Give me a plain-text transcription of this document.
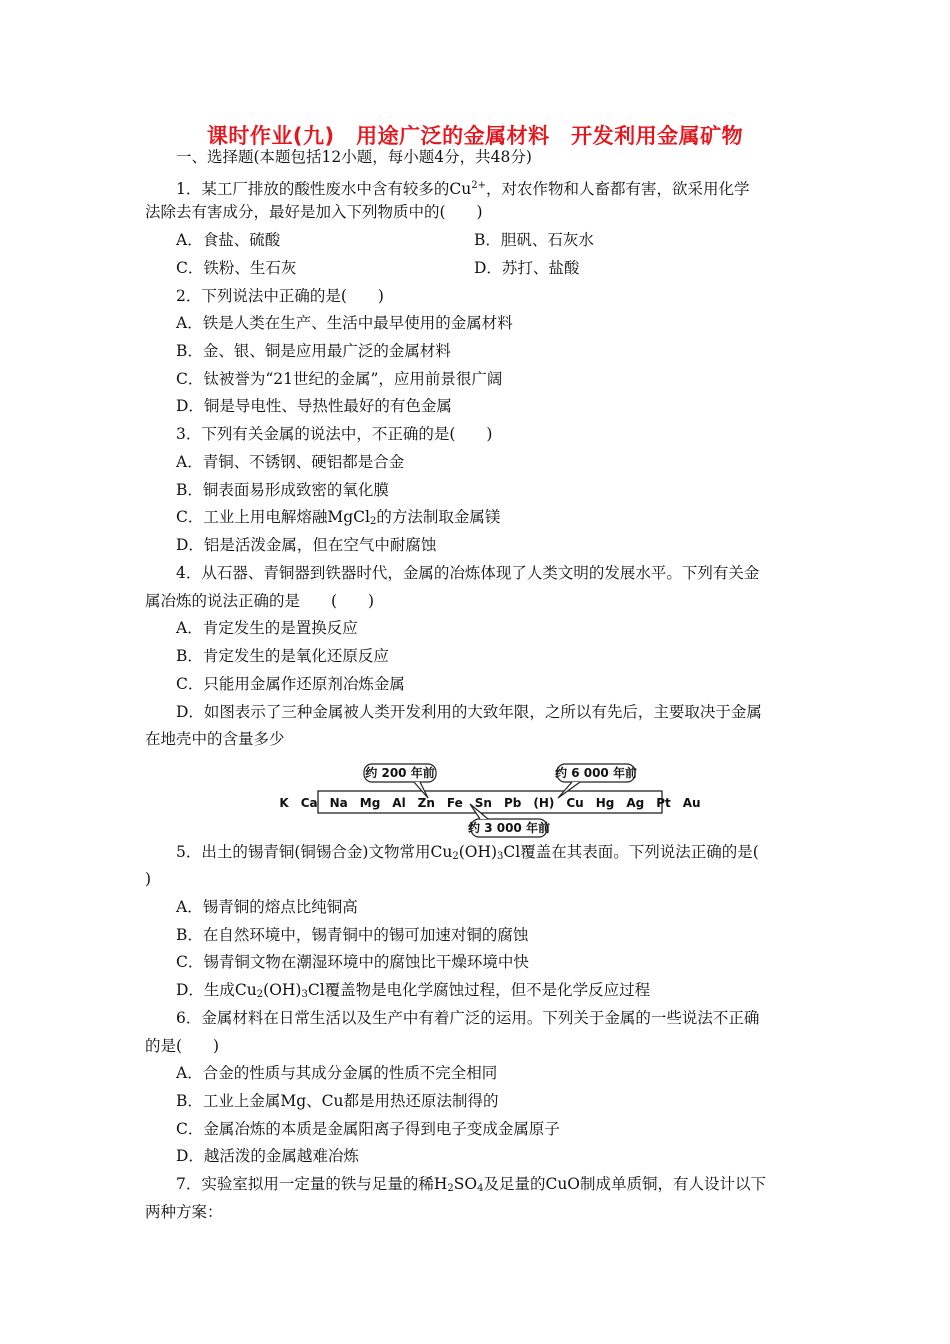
课时作业(九)　用途广泛的金属材料　开发利用金属矿物
一、选择题(本题包括12小题，每小题4分，共48分)
1．某工厂排放的酸性废水中含有较多的$Cu^{2+}$，对农作物和人畜都有害，欲采用化学
法除去有害成分，最好是加入下列物质中的(　　)
A．食盐、硫酸	B．胆矾、石灰水
C．铁粉、生石灰	D．苏打、盐酸
2．下列说法中正确的是(　　)
A．铁是人类在生产、生活中最早使用的金属材料
B．金、银、铜是应用最广泛的金属材料
C．钛被誉为“21世纪的金属”，应用前景很广阔
D．铜是导电性、导热性最好的有色金属
3．下列有关金属的说法中，不正确的是(　　)
A．青铜、不锈钢、硬铝都是合金
B．铜表面易形成致密的氧化膜
C．工业上用电解熔融MgCl$_2$的方法制取金属镁
D．铝是活泼金属，但在空气中耐腐蚀
4．从石器、青铜器到铁器时代，金属的冶炼体现了人类文明的发展水平。下列有关金
属冶炼的说法正确的是　　(　　)
A．肯定发生的是置换反应
B．肯定发生的是氧化还原反应
C．只能用金属作还原剂冶炼金属
D．如图表示了三种金属被人类开发利用的大致年限，之所以有先后，主要取决于金属
在地壳中的含量多少
K　Ca　Na　Mg　Al　Zn　Fe　Sn　Pb　(H)　Cu　Hg　Ag　Pt　Au
约 200 年前	约 6 000 年前
约 3 000 年前
5．出土的锡青铜(铜锡合金)文物常用$Cu_2(OH)_3Cl$覆盖在其表面。下列说法正确的是(
)
A．锡青铜的熔点比纯铜高
B．在自然环境中，锡青铜中的锡可加速对铜的腐蚀
C．锡青铜文物在潮湿环境中的腐蚀比干燥环境中快
D．生成$Cu_2(OH)_3Cl$覆盖物是电化学腐蚀过程，但不是化学反应过程
6．金属材料在日常生活以及生产中有着广泛的运用。下列关于金属的一些说法不正确
的是(　　)
A．合金的性质与其成分金属的性质不完全相同
B．工业上金属Mg、Cu都是用热还原法制得的
C．金属冶炼的本质是金属阳离子得到电子变成金属原子
D．越活泼的金属越难冶炼
7．实验室拟用一定量的铁与足量的稀$H_2SO_4$及足量的CuO制成单质铜，有人设计以下
两种方案：
